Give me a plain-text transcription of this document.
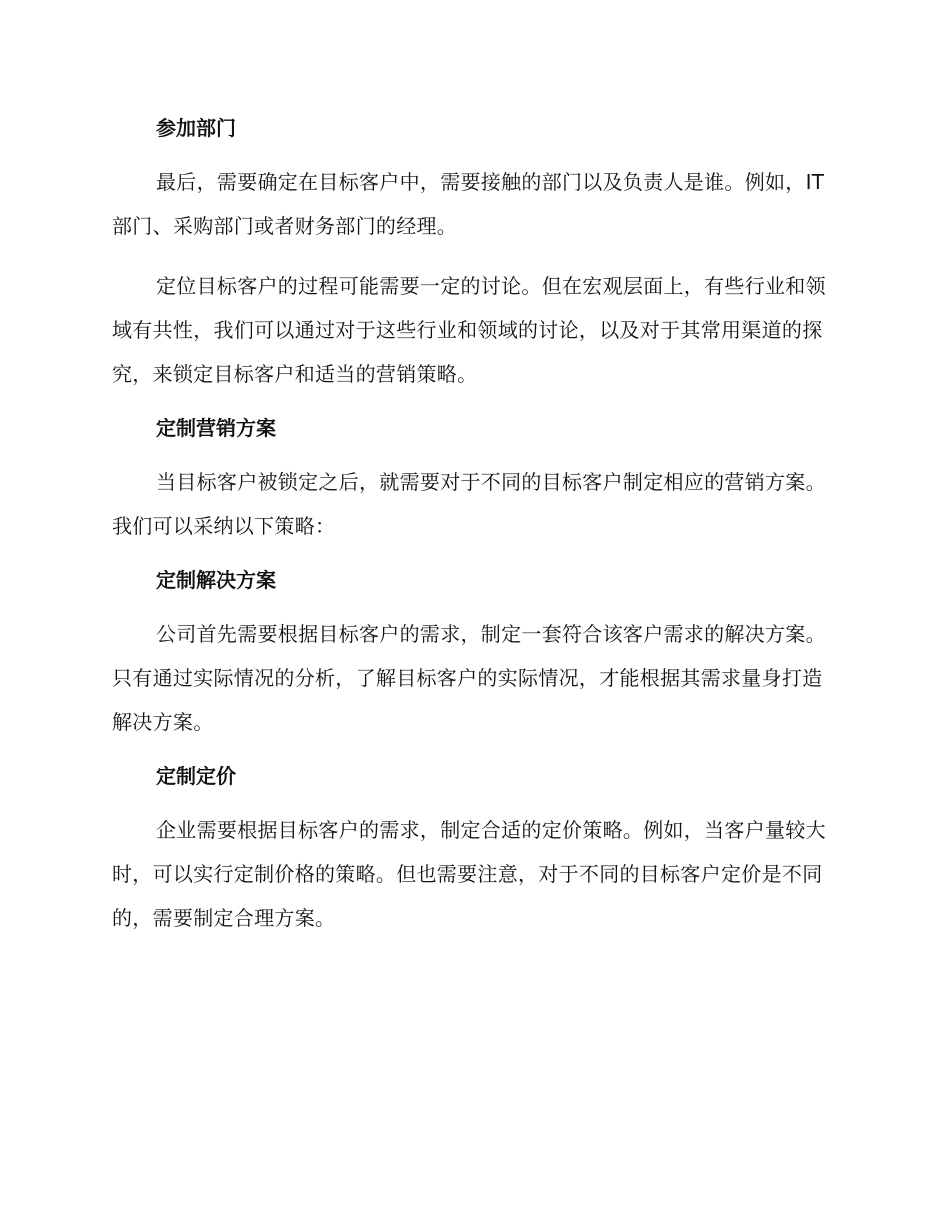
参加部门

最后，需要确定在目标客户中，需要接触的部门以及负责人是谁。例如，IT 部门、采购部门或者财务部门的经理。

定位目标客户的过程可能需要一定的讨论。但在宏观层面上，有些行业和领域有共性，我们可以通过对于这些行业和领域的讨论，以及对于其常用渠道的探究，来锁定目标客户和适当的营销策略。

定制营销方案

当目标客户被锁定之后，就需要对于不同的目标客户制定相应的营销方案。我们可以采纳以下策略：

定制解决方案

公司首先需要根据目标客户的需求，制定一套符合该客户需求的解决方案。只有通过实际情况的分析，了解目标客户的实际情况，才能根据其需求量身打造解决方案。

定制定价

企业需要根据目标客户的需求，制定合适的定价策略。例如，当客户量较大时，可以实行定制价格的策略。但也需要注意，对于不同的目标客户定价是不同的，需要制定合理方案。
